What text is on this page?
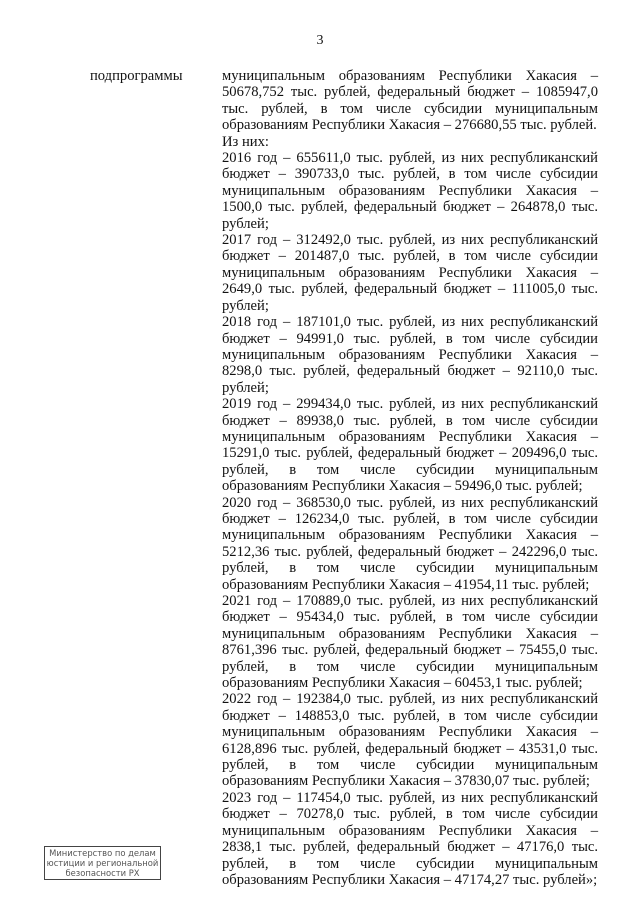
3
подпрограммы	муниципальным образованиям Республики Хакасия – 50678,752 тыс. рублей, федеральный бюджет – 1085947,0 тыс. рублей, в том числе субсидии муниципальным образованиям Республики Хакасия – 276680,55 тыс. рублей.

Из них:

2016 год – 655611,0 тыс. рублей, из них республиканский бюджет – 390733,0 тыс. рублей, в том числе субсидии муниципальным образованиям Республики Хакасия – 1500,0 тыс. рублей, федеральный бюджет – 264878,0 тыс. рублей;

2017 год – 312492,0 тыс. рублей, из них республиканский бюджет – 201487,0 тыс. рублей, в том числе субсидии муниципальным образованиям Республики Хакасия – 2649,0 тыс. рублей, федеральный бюджет – 111005,0 тыс. рублей;

2018 год – 187101,0 тыс. рублей, из них республиканский бюджет – 94991,0 тыс. рублей, в том числе субсидии муниципальным образованиям Республики Хакасия – 8298,0 тыс. рублей, федеральный бюджет – 92110,0 тыс. рублей;

2019 год – 299434,0 тыс. рублей, из них республиканский бюджет – 89938,0 тыс. рублей, в том числе субсидии муниципальным образованиям Республики Хакасия – 15291,0 тыс. рублей, федеральный бюджет – 209496,0 тыс. рублей, в том числе субсидии муниципальным образованиям Республики Хакасия – 59496,0 тыс. рублей;

2020 год – 368530,0 тыс. рублей, из них республиканский бюджет – 126234,0 тыс. рублей, в том числе субсидии муниципальным образованиям Республики Хакасия – 5212,36 тыс. рублей, федеральный бюджет – 242296,0 тыс. рублей, в том числе субсидии муниципальным образованиям Республики Хакасия – 41954,11 тыс. рублей;

2021 год – 170889,0 тыс. рублей, из них республиканский бюджет – 95434,0 тыс. рублей, в том числе субсидии муниципальным образованиям Республики Хакасия – 8761,396 тыс. рублей, федеральный бюджет – 75455,0 тыс. рублей, в том числе субсидии муниципальным образованиям Республики Хакасия – 60453,1 тыс. рублей;

2022 год – 192384,0 тыс. рублей, из них республиканский бюджет – 148853,0 тыс. рублей, в том числе субсидии муниципальным образованиям Республики Хакасия – 6128,896 тыс. рублей, федеральный бюджет – 43531,0 тыс. рублей, в том числе субсидии муниципальным образованиям Республики Хакасия – 37830,07 тыс. рублей;

2023 год – 117454,0 тыс. рублей, из них республиканский бюджет – 70278,0 тыс. рублей, в том числе субсидии муниципальным образованиям Республики Хакасия – 2838,1 тыс. рублей, федеральный бюджет – 47176,0 тыс. рублей, в том числе субсидии муниципальным образованиям Республики Хакасия – 47174,27 тыс. рублей»;

Министерство по делам
юстиции и региональной
безопасности РХ
